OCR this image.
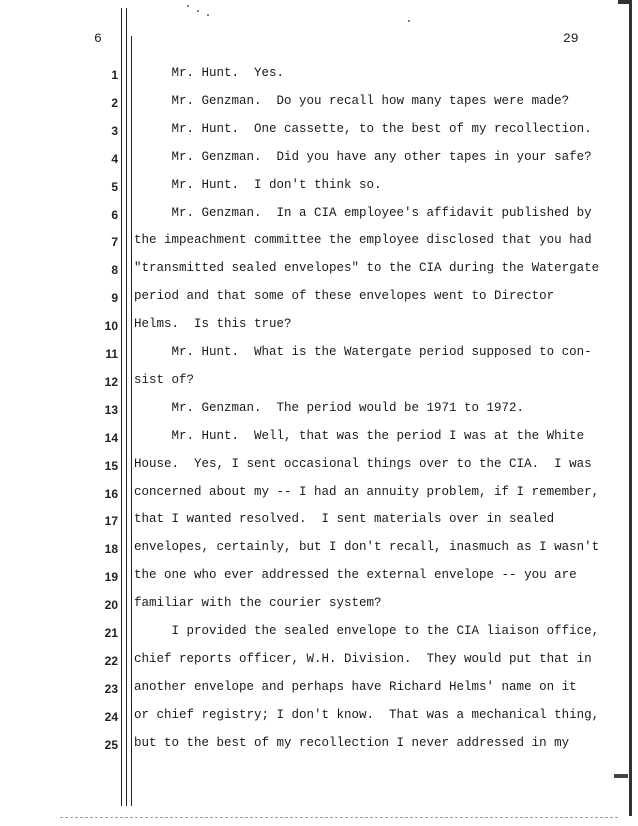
6	29
1 Mr. Hunt.  Yes.
2 Mr. Genzman.  Do you recall how many tapes were made?
3 Mr. Hunt.  One cassette, to the best of my recollection.
4 Mr. Genzman.  Did you have any other tapes in your safe?
5 Mr. Hunt.  I don't think so.
6 Mr. Genzman.  In a CIA employee's affidavit published by
7 the impeachment committee the employee disclosed that you had
8 "transmitted sealed envelopes" to the CIA during the Watergate
9 period and that some of these envelopes went to Director
10 Helms.  Is this true?
11 Mr. Hunt.  What is the Watergate period supposed to con-
12 sist of?
13 Mr. Genzman.  The period would be 1971 to 1972.
14 Mr. Hunt.  Well, that was the period I was at the White
15 House.  Yes, I sent occasional things over to the CIA.  I was
16 concerned about my -- I had an annuity problem, if I remember,
17 that I wanted resolved.  I sent materials over in sealed
18 envelopes, certainly, but I don't recall, inasmuch as I wasn't
19 the one who ever addressed the external envelope -- you are
20 familiar with the courier system?
21 I provided the sealed envelope to the CIA liaison office,
22 chief reports officer, W.H. Division.  They would put that in
23 another envelope and perhaps have Richard Helms' name on it
24 or chief registry; I don't know.  That was a mechanical thing,
25 but to the best of my recollection I never addressed in my
